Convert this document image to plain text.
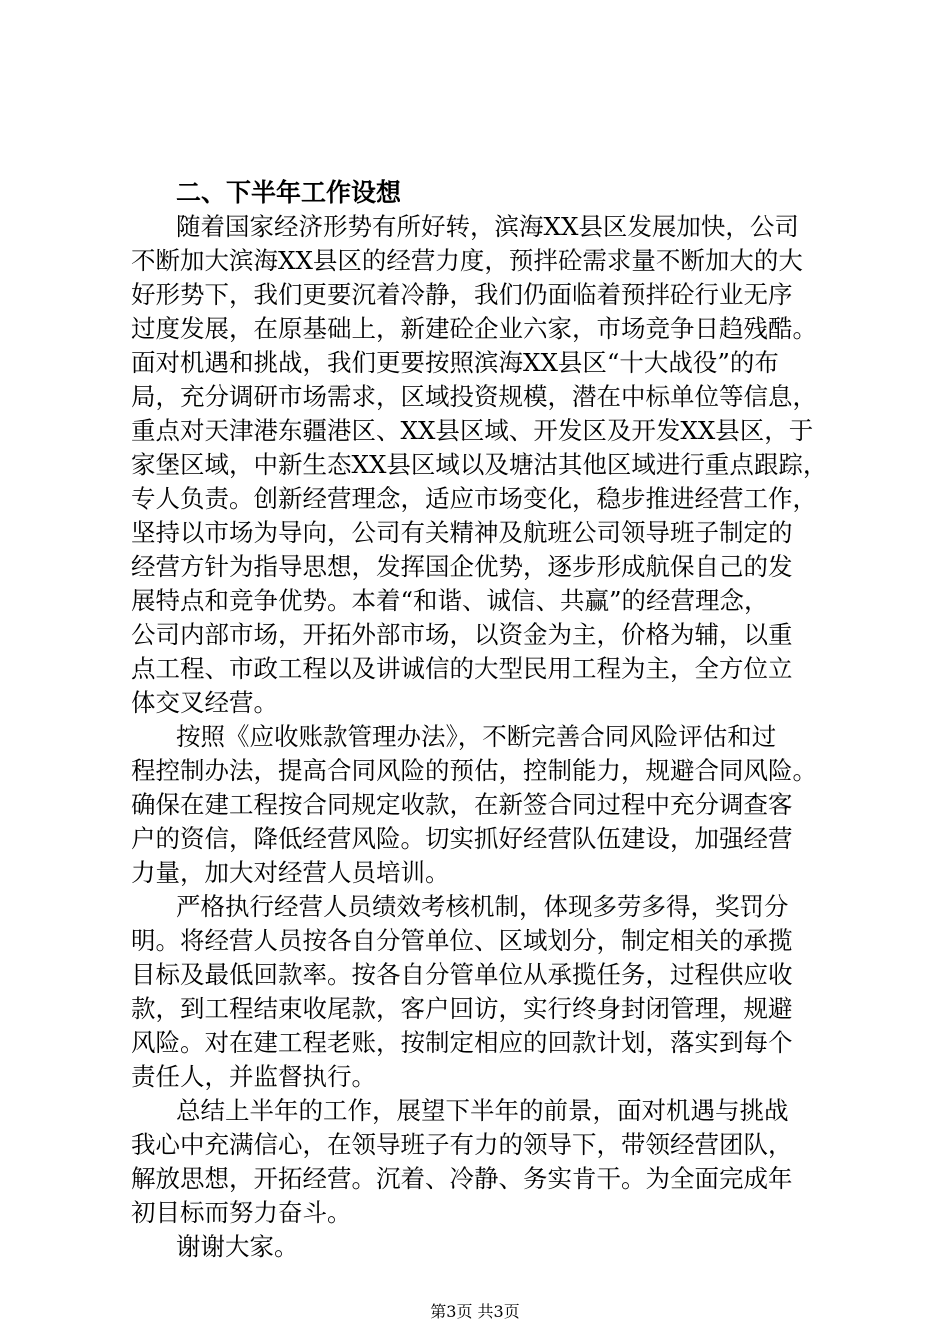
二、下半年工作设想
随着国家经济形势有所好转，滨海XX县区发展加快，公司
不断加大滨海XX县区的经营力度，预拌砼需求量不断加大的大
好形势下，我们更要沉着冷静，我们仍面临着预拌砼行业无序
过度发展，在原基础上，新建砼企业六家，市场竞争日趋残酷。
面对机遇和挑战，我们更要按照滨海XX县区“十大战役”的布
局，充分调研市场需求，区域投资规模，潜在中标单位等信息，
重点对天津港东疆港区、XX县区域、开发区及开发XX县区，于
家堡区域，中新生态XX县区域以及塘沽其他区域进行重点跟踪，
专人负责。创新经营理念，适应市场变化，稳步推进经营工作，
坚持以市场为导向，公司有关精神及航班公司领导班子制定的
经营方针为指导思想，发挥国企优势，逐步形成航保自己的发
展特点和竞争优势。本着“和谐、诚信、共赢”的经营理念，
公司内部市场，开拓外部市场，以资金为主，价格为辅，以重
点工程、市政工程以及讲诚信的大型民用工程为主，全方位立
体交叉经营。
按照《应收账款管理办法》，不断完善合同风险评估和过
程控制办法，提高合同风险的预估，控制能力，规避合同风险。
确保在建工程按合同规定收款，在新签合同过程中充分调查客
户的资信，降低经营风险。切实抓好经营队伍建设，加强经营
力量，加大对经营人员培训。
严格执行经营人员绩效考核机制，体现多劳多得，奖罚分
明。将经营人员按各自分管单位、区域划分，制定相关的承揽
目标及最低回款率。按各自分管单位从承揽任务，过程供应收
款，到工程结束收尾款，客户回访，实行终身封闭管理，规避
风险。对在建工程老账，按制定相应的回款计划，落实到每个
责任人，并监督执行。
总结上半年的工作，展望下半年的前景，面对机遇与挑战
我心中充满信心，在领导班子有力的领导下，带领经营团队，
解放思想，开拓经营。沉着、冷静、务实肯干。为全面完成年
初目标而努力奋斗。
谢谢大家。
第3页 共3页
